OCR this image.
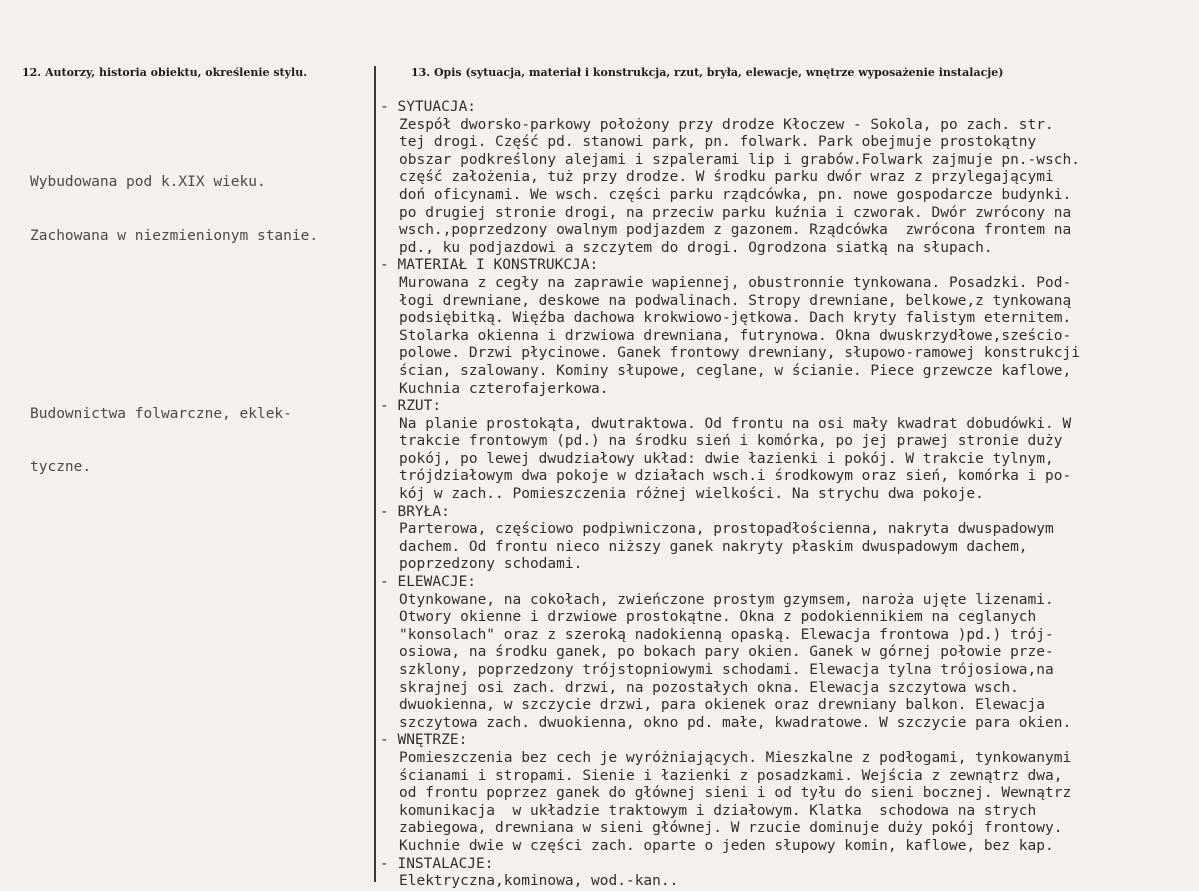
12. Autorzy, historia obiektu, określenie stylu.	13. Opis (sytuacja, materiał i konstrukcja, rzut, bryła, elewacje, wnętrze wyposażenie instalacje)

Wybudowana pod k.XIX wieku.

Zachowana w niezmienionym stanie.

Budownictwa folwarczne, eklek-

tyczne.

- SYTUACJA:
Zespół dworsko-parkowy położony przy drodze Kłoczew - Sokola, po zach. str.
tej drogi. Część pd. stanowi park, pn. folwark. Park obejmuje prostokątny
obszar podkreślony alejami i szpalerami lip i grabów.Folwark zajmuje pn.-wsch.
część założenia, tuż przy drodze. W środku parku dwór wraz z przylegającymi
doń oficynami. We wsch. części parku rządcówka, pn. nowe gospodarcze budynki.
po drugiej stronie drogi, na przeciw parku kuźnia i czworak. Dwór zwrócony na
wsch.,poprzedzony owalnym podjazdem z gazonem. Rządcówka  zwrócona frontem na
pd., ku podjazdowi a szczytem do drogi. Ogrodzona siatką na słupach.
- MATERIAŁ I KONSTRUKCJA:
Murowana z cegły na zaprawie wapiennej, obustronnie tynkowana. Posadzki. Pod-
łogi drewniane, deskowe na podwalinach. Stropy drewniane, belkowe,z tynkowaną
podsiębitką. Więźba dachowa krokwiowo-jętkowa. Dach kryty falistym eternitem.
Stolarka okienna i drzwiowa drewniana, futrynowa. Okna dwuskrzydłowe,sześcio-
polowe. Drzwi płycinowe. Ganek frontowy drewniany, słupowo-ramowej konstrukcji
ścian, szalowany. Kominy słupowe, ceglane, w ścianie. Piece grzewcze kaflowe,
Kuchnia czterofajerkowa.
- RZUT:
Na planie prostokąta, dwutraktowa. Od frontu na osi mały kwadrat dobudówki. W
trakcie frontowym (pd.) na środku sień i komórka, po jej prawej stronie duży
pokój, po lewej dwudziałowy układ: dwie łazienki i pokój. W trakcie tylnym,
trójdziałowym dwa pokoje w działach wsch.i środkowym oraz sień, komórka i po-
kój w zach.. Pomieszczenia różnej wielkości. Na strychu dwa pokoje.
- BRYŁA:
Parterowa, częściowo podpiwniczona, prostopadłościenna, nakryta dwuspadowym
dachem. Od frontu nieco niższy ganek nakryty płaskim dwuspadowym dachem,
poprzedzony schodami.
- ELEWACJE:
Otynkowane, na cokołach, zwieńczone prostym gzymsem, naroża ujęte lizenami.
Otwory okienne i drzwiowe prostokątne. Okna z podokiennikiem na ceglanych
"konsolach" oraz z szeroką nadokienną opaską. Elewacja frontowa )pd.) trój-
osiowa, na środku ganek, po bokach pary okien. Ganek w górnej połowie prze-
szklony, poprzedzony trójstopniowymi schodami. Elewacja tylna trójosiowa,na
skrajnej osi zach. drzwi, na pozostałych okna. Elewacja szczytowa wsch.
dwuokienna, w szczycie drzwi, para okienek oraz drewniany balkon. Elewacja
szczytowa zach. dwuokienna, okno pd. małe, kwadratowe. W szczycie para okien.
- WNĘTRZE:
Pomieszczenia bez cech je wyróżniających. Mieszkalne z podłogami, tynkowanymi
ścianami i stropami. Sienie i łazienki z posadzkami. Wejścia z zewnątrz dwa,
od frontu poprzez ganek do głównej sieni i od tyłu do sieni bocznej. Wewnątrz
komunikacja  w układzie traktowym i działowym. Klatka  schodowa na strych
zabiegowa, drewniana w sieni głównej. W rzucie dominuje duży pokój frontowy.
Kuchnie dwie w części zach. oparte o jeden słupowy komin, kaflowe, bez kap.
- INSTALACJE:
Elektryczna,kominowa, wod.-kan..
